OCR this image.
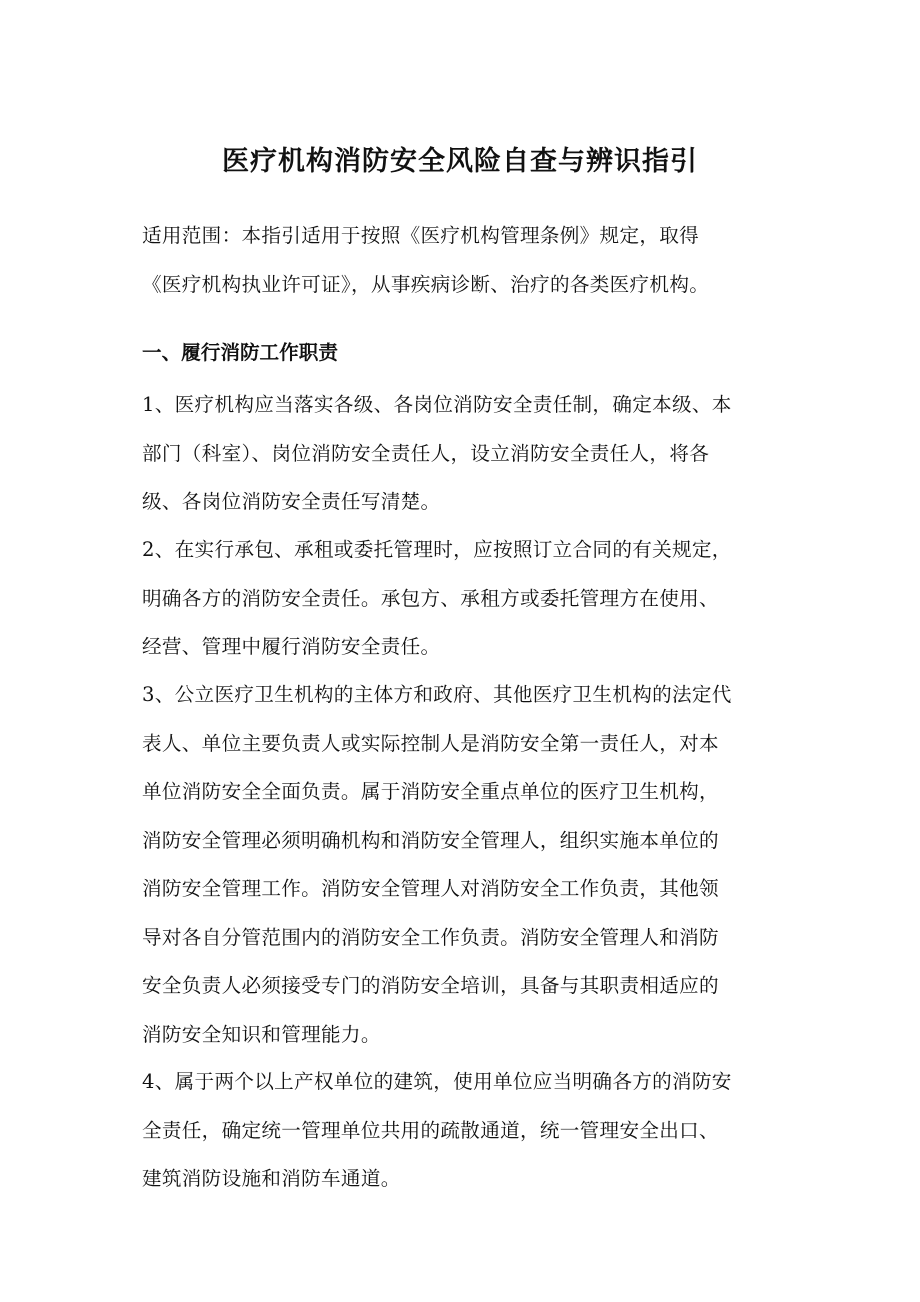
医疗机构消防安全风险自查与辨识指引
适用范围：本指引适用于按照《医疗机构管理条例》规定，取得
《医疗机构执业许可证》，从事疾病诊断、治疗的各类医疗机构。
一、履行消防工作职责
1、医疗机构应当落实各级、各岗位消防安全责任制，确定本级、本
部门（科室）、岗位消防安全责任人，设立消防安全责任人，将各
级、各岗位消防安全责任写清楚。
2、在实行承包、承租或委托管理时，应按照订立合同的有关规定，
明确各方的消防安全责任。承包方、承租方或委托管理方在使用、
经营、管理中履行消防安全责任。
3、公立医疗卫生机构的主体方和政府、其他医疗卫生机构的法定代
表人、单位主要负责人或实际控制人是消防安全第一责任人，对本
单位消防安全全面负责。属于消防安全重点单位的医疗卫生机构，
消防安全管理必须明确机构和消防安全管理人，组织实施本单位的
消防安全管理工作。消防安全管理人对消防安全工作负责，其他领
导对各自分管范围内的消防安全工作负责。消防安全管理人和消防
安全负责人必须接受专门的消防安全培训，具备与其职责相适应的
消防安全知识和管理能力。
4、属于两个以上产权单位的建筑，使用单位应当明确各方的消防安
全责任，确定统一管理单位共用的疏散通道，统一管理安全出口、
建筑消防设施和消防车通道。
